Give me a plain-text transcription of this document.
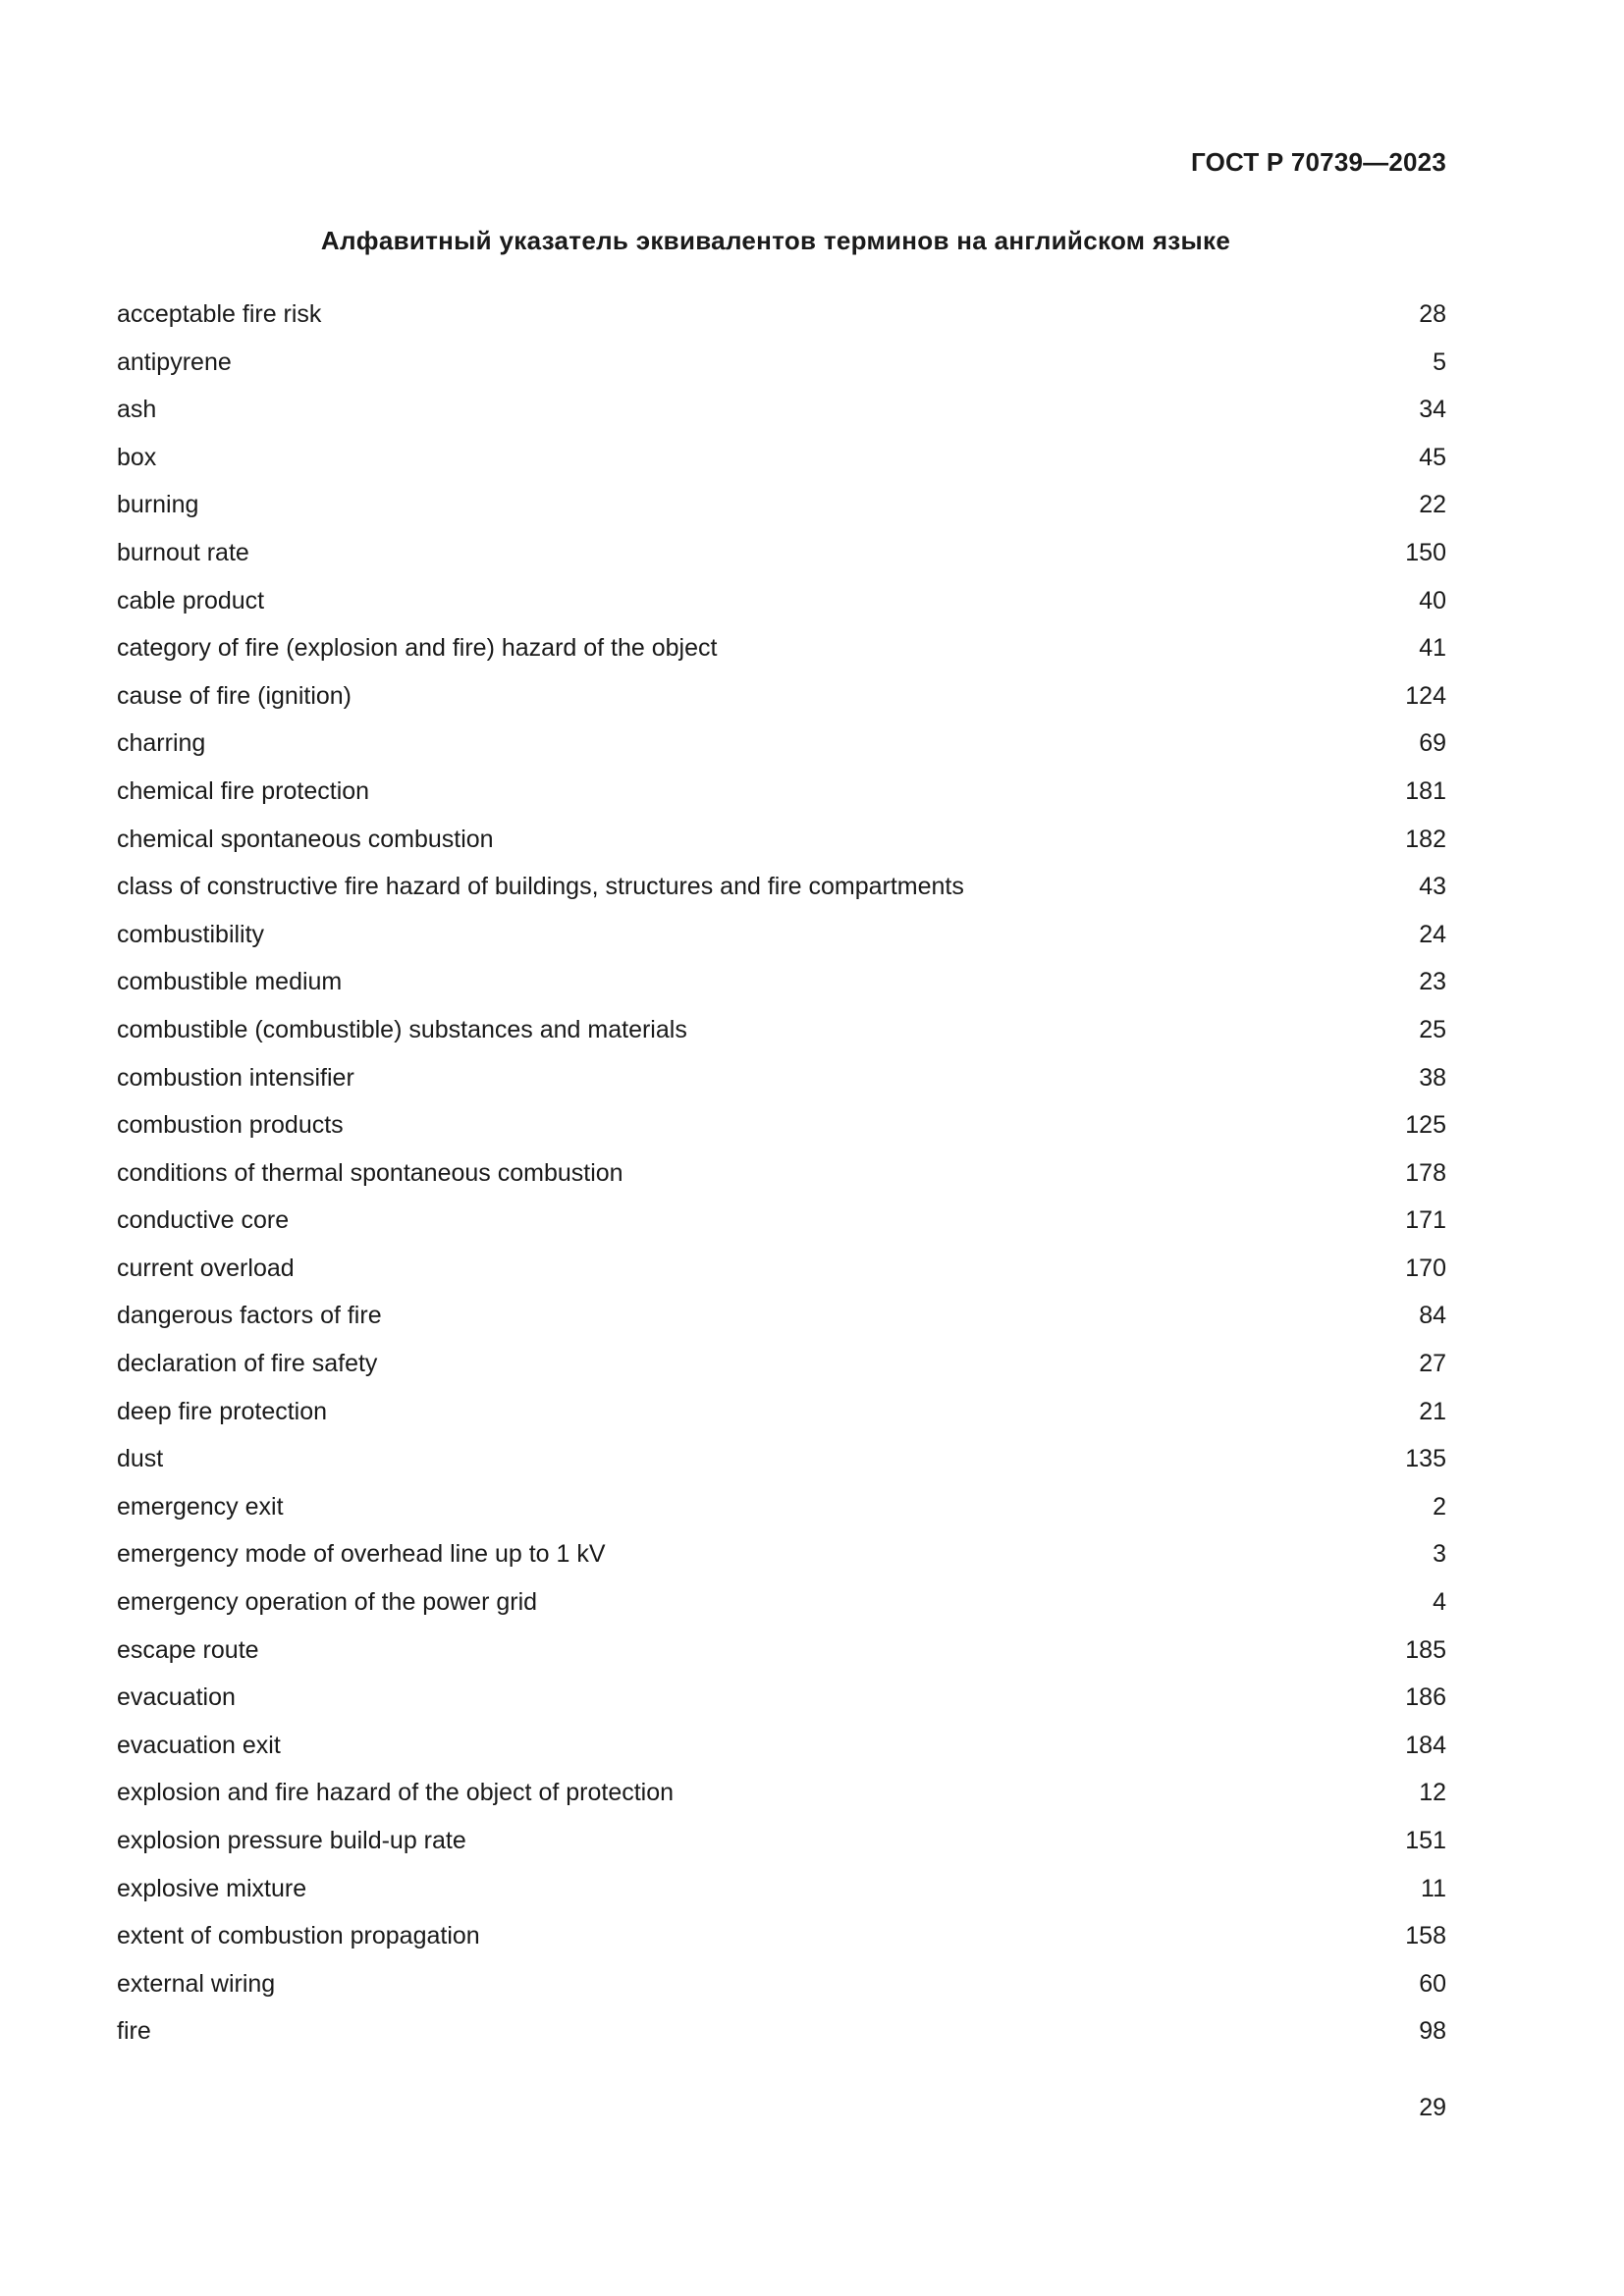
ГОСТ Р 70739—2023
Алфавитный указатель эквивалентов терминов на английском языке
acceptable fire risk	28
antipyrene	5
ash	34
box	45
burning	22
burnout rate	150
cable product	40
category of fire (explosion and fire) hazard of the object	41
cause of fire (ignition)	124
charring	69
chemical fire protection	181
chemical spontaneous combustion	182
class of constructive fire hazard of buildings, structures and fire compartments	43
combustibility	24
combustible medium	23
combustible (combustible) substances and materials	25
combustion intensifier	38
combustion products	125
conditions of thermal spontaneous combustion	178
conductive core	171
current overload	170
dangerous factors of fire	84
declaration of fire safety	27
deep fire protection	21
dust	135
emergency exit	2
emergency mode of overhead line up to 1 kV	3
emergency operation of the power grid	4
escape route	185
evacuation	186
evacuation exit	184
explosion and fire hazard of the object of protection	12
explosion pressure build-up rate	151
explosive mixture	11
extent of combustion propagation	158
external wiring	60
fire	98
29
